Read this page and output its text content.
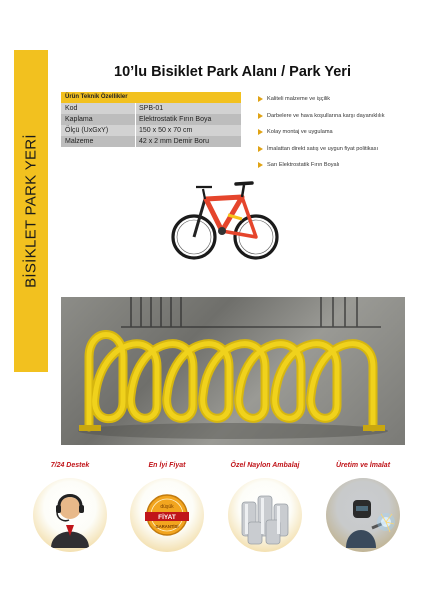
BİSİKLET PARK YERİ
10’lu Bisiklet Park Alanı / Park Yeri
Ürün Teknik Özellikler
Kod	SPB-01
Kaplama	Elektrostatik Fırın Boya
Ölçü (UxGxY)	150 x 50 x 70 cm
Malzeme	42 x 2 mm Demir Boru
Kaliteli malzeme ve işçilik
Darbelere ve hava koşullarına karşı dayanıklılık
Kolay montaj ve uygulama
İmalattan direkt satış ve uygun fiyat politikası
Sarı Elektrostatik Fırın Boyalı
7/24 Destek	En İyi Fiyat
düşük
FİYAT
GARANTİSİ
Özel Naylon Ambalaj	Üretim ve İmalat
